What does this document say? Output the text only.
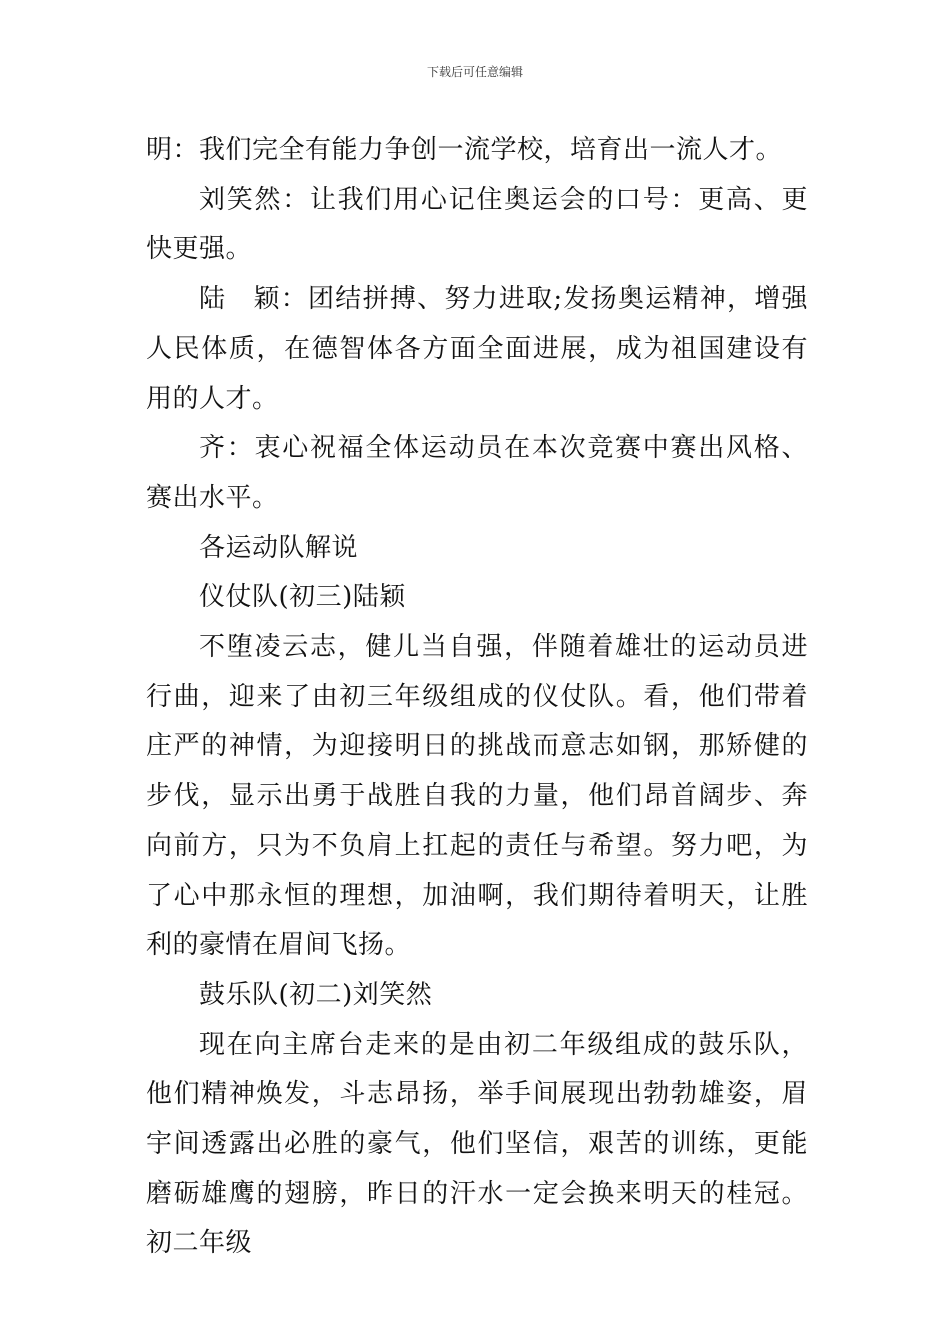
下载后可任意编辑

明：我们完全有能力争创一流学校，培育出一流人才。

刘笑然：让我们用心记住奥运会的口号：更高、更快更强。

陆　颖：团结拼搏、努力进取;发扬奥运精神，增强人民体质，在德智体各方面全面进展，成为祖国建设有用的人才。

齐：衷心祝福全体运动员在本次竞赛中赛出风格、赛出水平。

各运动队解说

仪仗队(初三)陆颖

不堕凌云志，健儿当自强，伴随着雄壮的运动员进行曲，迎来了由初三年级组成的仪仗队。看，他们带着庄严的神情，为迎接明日的挑战而意志如钢，那矫健的步伐，显示出勇于战胜自我的力量，他们昂首阔步、奔向前方，只为不负肩上扛起的责任与希望。努力吧，为了心中那永恒的理想，加油啊，我们期待着明天，让胜利的豪情在眉间飞扬。

鼓乐队(初二)刘笑然

现在向主席台走来的是由初二年级组成的鼓乐队，他们精神焕发，斗志昂扬，举手间展现出勃勃雄姿，眉宇间透露出必胜的豪气，他们坚信，艰苦的训练，更能磨砺雄鹰的翅膀，昨日的汗水一定会换来明天的桂冠。初二年级
